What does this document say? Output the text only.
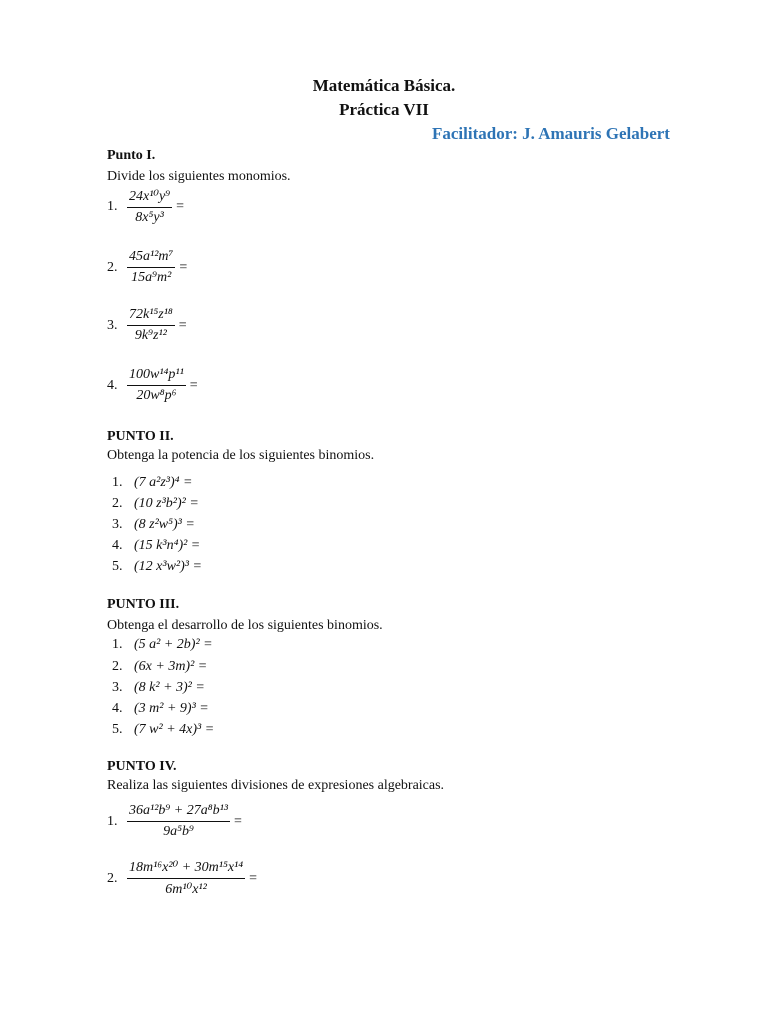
Matemática Básica.
Práctica VII
Facilitador: J. Amauris Gelabert
Punto I.
Divide los siguientes monomios.
1. $\frac{\text{24x¹⁰y⁹}}{\text{8x⁵y³}}$ =
2. $\frac{\text{45a¹²m⁷}}{\text{15a⁹m²}}$ =
3. $\frac{\text{72k¹⁵z¹⁸}}{\text{9k⁹z¹²}}$ =
4. $\frac{\text{100w¹⁴p¹¹}}{\text{20w⁸p⁶}}$ =
PUNTO II.
Obtenga la potencia de los siguientes binomios.
1. (7 a²z³)⁴ =
2. (10 z³b²)² =
3. (8 z²w⁵)³ =
4. (15 k³n⁴)² =
5. (12 x³w²)³ =
PUNTO III.
Obtenga el desarrollo de los siguientes binomios.
1. (5 a² + 2b)² =
2. (6x + 3m)² =
3. (8 k² + 3)² =
4. (3 m² + 9)³ =
5. (7 w² + 4x)³ =
PUNTO IV.
Realiza las siguientes divisiones de expresiones algebraicas.
1. $\frac{\text{36a¹²b⁹ + 27a⁸b¹³}}{\text{9a⁵b⁹}}$ =
2. $\frac{\text{18m¹⁶x²⁰ + 30m¹⁵x¹⁴}}{\text{6m¹⁰x¹²}}$ =
